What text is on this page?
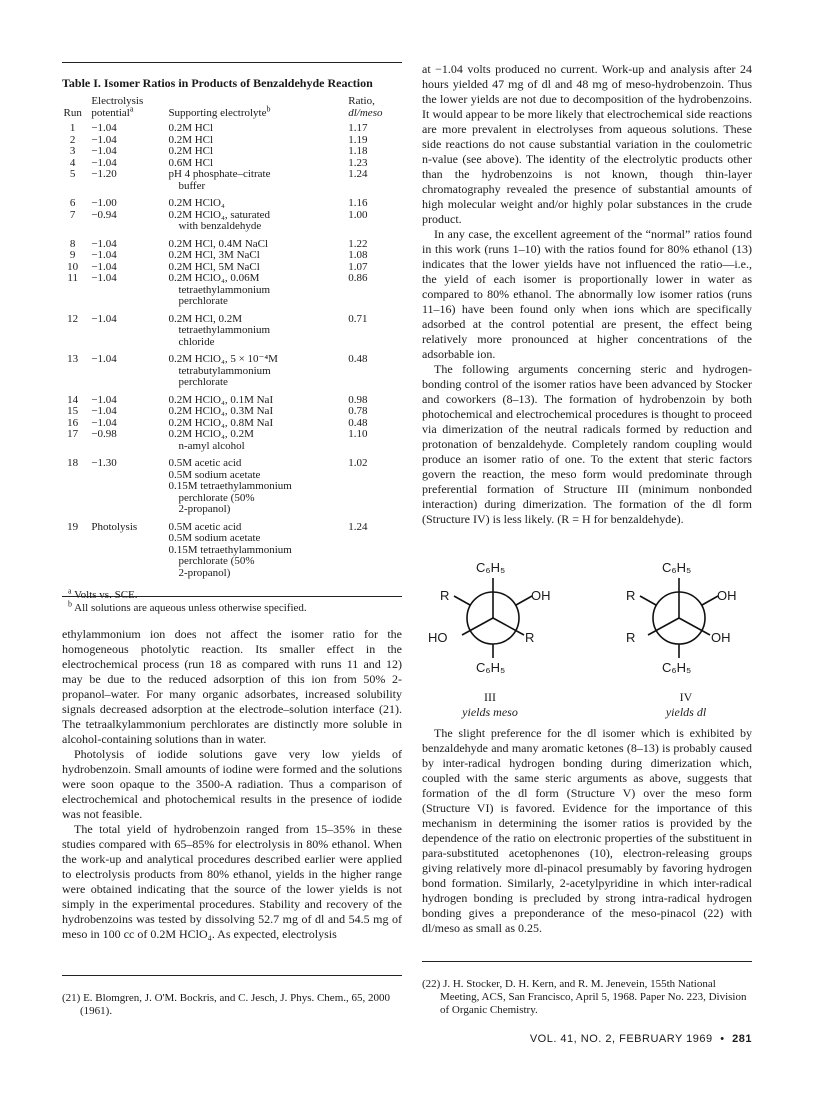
Table I. Isomer Ratios in Products of Benzaldehyde Reaction
	Electrolysis		Ratio,
Run	potential$^a$	Supporting electrolyte$^b$	dl/meso

1	−1.04	0.2M HCl	1.17
2	−1.04	0.2M HCl	1.19
3	−1.04	0.2M HCl	1.18
4	−1.04	0.6M HCl	1.23
5	−1.20	pH 4 phosphate–citrate	1.24
		buffer	
6	−1.00	0.2M HClO₄	1.16
7	−0.94	0.2M HClO₄, saturated	1.00
		with benzaldehyde	
8	−1.04	0.2M HCl, 0.4M NaCl	1.22
9	−1.04	0.2M HCl, 3M NaCl	1.08
10	−1.04	0.2M HCl, 5M NaCl	1.07
11	−1.04	0.2M HClO₄, 0.06M	0.86
		tetraethylammonium	
		perchlorate	
12	−1.04	0.2M HCl, 0.2M	0.71
		tetraethylammonium	
		chloride	
13	−1.04	0.2M HClO₄, 5 × 10⁻⁴M	0.48
		tetrabutylammonium	
		perchlorate	
14	−1.04	0.2M HClO₄, 0.1M NaI	0.98
15	−1.04	0.2M HClO₄, 0.3M NaI	0.78
16	−1.04	0.2M HClO₄, 0.8M NaI	0.48
17	−0.98	0.2M HClO₄, 0.2M	1.10
		n-amyl alcohol	
18	−1.30	0.5M acetic acid	1.02
		0.5M sodium acetate	
		0.15M tetraethylammonium	
		perchlorate (50%	
		2-propanol)	
19	Photolysis	0.5M acetic acid	1.24
		0.5M sodium acetate	
		0.15M tetraethylammonium	
		perchlorate (50%	
		2-propanol)	
$^a$ Volts vs. SCE.
$^b$ All solutions are aqueous unless otherwise specified.

ethylammonium ion does not affect the isomer ratio for the homogeneous photolytic reaction. Its smaller effect in the electrochemical process (run 18 as compared with runs 11 and 12) may be due to the reduced adsorption of this ion from 50% 2-propanol–water. For many organic adsorbates, increased solubility signals decreased adsorption at the electrode–solution interface (21). The tetraalkylammonium perchlorates are distinctly more soluble in alcohol-containing solutions than in water.

Photolysis of iodide solutions gave very low yields of hydrobenzoin. Small amounts of iodine were formed and the solutions were soon opaque to the 3500-A radiation. Thus a comparison of electrochemical and photochemical results in the presence of iodide was not feasible.

The total yield of hydrobenzoin ranged from 15–35% in these studies compared with 65–85% for electrolysis in 80% ethanol. When the work-up and analytical procedures described earlier were applied to electrolysis products from 80% ethanol, yields in the higher range were obtained indicating that the source of the lower yields is not simply in the experimental procedures. Stability and recovery of the hydrobenzoins was tested by dissolving 52.7 mg of dl and 54.5 mg of meso in 100 cc of 0.2M HClO₄. As expected, electrolysis

at −1.04 volts produced no current. Work-up and analysis after 24 hours yielded 47 mg of dl and 48 mg of meso-hydrobenzoin. Thus the lower yields are not due to decomposition of the hydrobenzoins. It would appear to be more likely that electrochemical side reactions are more prevalent in electrolyses from aqueous solutions. These side reactions do not cause substantial variation in the coulometric n-value (see above). The identity of the electrolytic products other than the hydrobenzoins is not known, though thin-layer chromatography revealed the presence of substantial amounts of high molecular weight and/or highly polar substances in the crude product.

In any case, the excellent agreement of the “normal” ratios found in this work (runs 1–10) with the ratios found for 80% ethanol (13) indicates that the lower yields have not influenced the ratio—i.e., the yield of each isomer is proportionally lower in water as compared to 80% ethanol. The abnormally low isomer ratios (runs 11–16) have been found only when ions which are specifically adsorbed at the control potential are present, the effect being relatively more pronounced at higher concentrations of the adsorbable ion.

The following arguments concerning steric and hydrogen-bonding control of the isomer ratios have been advanced by Stocker and coworkers (8–13). The formation of hydrobenzoin by both photochemical and electrochemical procedures is thought to proceed via dimerization of the neutral radicals formed by reduction and protonation of benzaldehyde. Completely random coupling would produce an isomer ratio of one. To the extent that steric factors govern the reaction, the meso form would predominate through preferential formation of Structure III (minimum nonbonded interaction) during dimerization. The formation of the dl form (Structure IV) is less likely. (R = H for benzaldehyde).

C₆H₅
R	OH
HO	R
C₆H₅
C₆H₅
R	OH
R	OH
C₆H₅
III
yields meso
IV
yields dl

The slight preference for the dl isomer which is exhibited by benzaldehyde and many aromatic ketones (8–13) is probably caused by inter-radical hydrogen bonding during dimerization which, coupled with the same steric arguments as above, suggests that formation of the dl form (Structure V) over the meso form (Structure VI) is favored. Evidence for the importance of this mechanism in determining the isomer ratios is provided by the dependence of the ratio on electronic properties of the substituent in para-substituted acetophenones (10), electron-releasing groups giving relatively more dl-pinacol presumably by favoring hydrogen bond formation. Similarly, 2-acetylpyridine in which inter-radical hydrogen bonding is precluded by strong intra-radical hydrogen bonding gives a preponderance of the meso-pinacol (22) with dl/meso as small as 0.25.

(21) E. Blomgren, J. O'M. Bockris, and C. Jesch, J. Phys. Chem., 65, 2000 (1961).
(22) J. H. Stocker, D. H. Kern, and R. M. Jenevein, 155th National Meeting, ACS, San Francisco, April 5, 1968. Paper No. 223, Division of Organic Chemistry.
VOL. 41, NO. 2, FEBRUARY 1969 • 281
